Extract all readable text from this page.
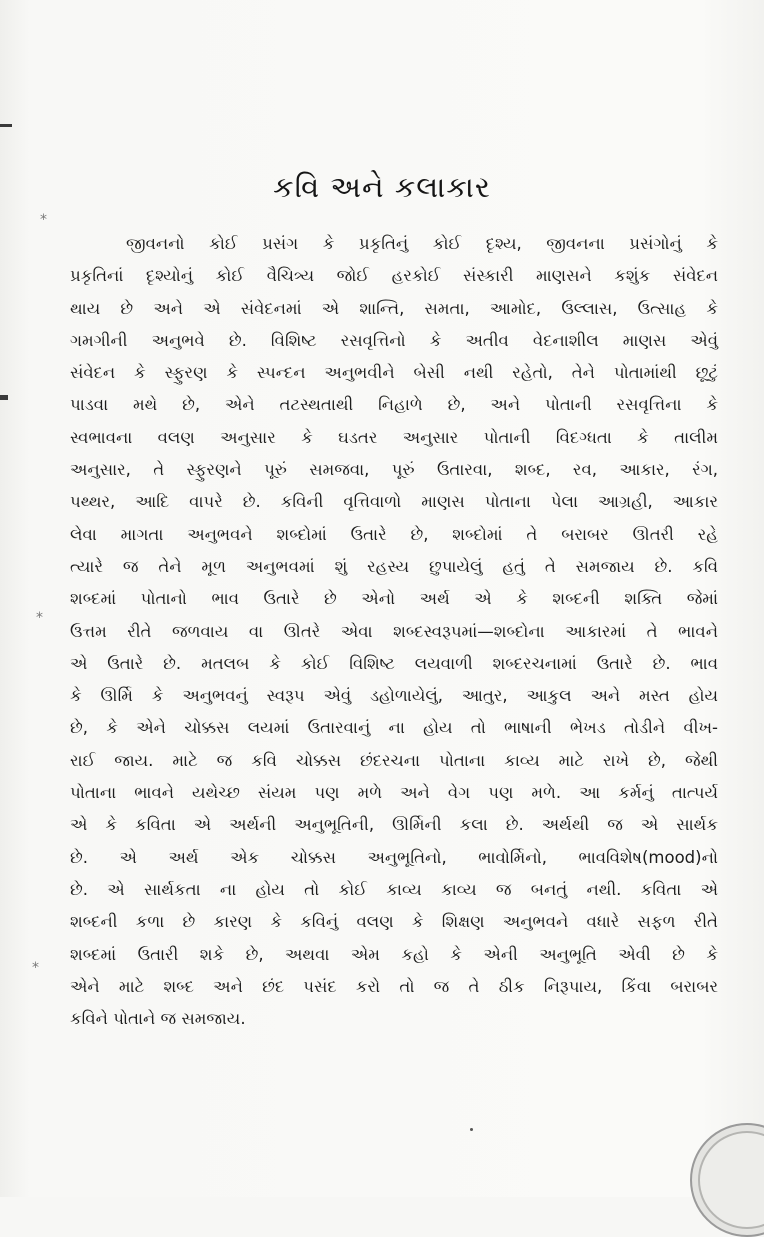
*
*
*
કવિ અને કલાકાર
જીવનનો કોઈ પ્રસંગ કે પ્રકૃતિનું કોઈ દૃશ્ય, જીવનના પ્રસંગોનું કે
પ્રકૃતિનાં દૃશ્યોનું કોઈ વૈચિત્ર્ય જોઈ હરકોઈ સંસ્કારી માણસને કશુંક સંવેદન
થાય છે અને એ સંવેદનમાં એ શાન્તિ, સમતા, આમોદ, ઉલ્લાસ, ઉત્સાહ કે
ગમગીની અનુભવે છે. વિશિષ્ટ રસવૃત્તિનો કે અતીવ વેદનાશીલ માણસ એવું
સંવેદન કે સ્ફુરણ કે સ્પન્દન અનુભવીને બેસી નથી રહેતો, તેને પોતામાંથી છૂટું
પાડવા મથે છે, એને તટસ્થતાથી નિહાળે છે, અને પોતાની રસવૃત્તિના કે
સ્વભાવના વલણ અનુસાર કે ઘડતર અનુસાર પોતાની વિદગ્ધતા કે તાલીમ
અનુસાર, તે સ્ફુરણને પૂરું સમજવા, પૂરું ઉતારવા, શબ્દ, રવ, આકાર, રંગ,
પથ્થર, આદિ વાપરે છે. કવિની વૃત્તિવાળો માણસ પોતાના પેલા આગ્રહી, આકાર
લેવા માગતા અનુભવને શબ્દોમાં ઉતારે છે, શબ્દોમાં તે બરાબર ઊતરી રહે
ત્યારે જ તેને મૂળ અનુભવમાં શું રહસ્ય છુપાયેલું હતું તે સમજાય છે. કવિ
શબ્દમાં પોતાનો ભાવ ઉતારે છે એનો અર્થ એ કે શબ્દની શક્તિ જેમાં
ઉત્તમ રીતે જળવાય વા ઊતરે એવા શબ્દસ્વરૂપમાં—શબ્દોના આકારમાં તે ભાવને
એ ઉતારે છે. મતલબ કે કોઈ વિશિષ્ટ લયવાળી શબ્દરચનામાં ઉતારે છે. ભાવ
કે ઊર્મિ કે અનુભવનું સ્વરૂપ એવું ડહોળાયેલું, આતુર, આકુલ અને મસ્ત હોય
છે, કે એને ચોક્કસ લયમાં ઉતારવાનું ના હોય તો ભાષાની ભેખડ તોડીને વીખ-
રાઈ જાય. માટે જ કવિ ચોક્કસ છંદરચના પોતાના કાવ્ય માટે રાખે છે, જેથી
પોતાના ભાવને યથેચ્છ સંયમ પણ મળે અને વેગ પણ મળે. આ કર્મનું તાત્પર્ય
એ કે કવિતા એ અર્થની અનુભૂતિની, ઊર્મિની કલા છે. અર્થથી જ એ સાર્થક
છે. એ અર્થ એક ચોક્કસ અનુભૂતિનો, ભાવોર્મિનો, ભાવવિશેષ(mood)નો
છે. એ સાર્થકતા ના હોય તો કોઈ કાવ્ય કાવ્ય જ બનતું નથી. કવિતા એ
શબ્દની કળા છે કારણ કે કવિનું વલણ કે શિક્ષણ અનુભવને વધારે સફળ રીતે
શબ્દમાં ઉતારી શકે છે, અથવા એમ કહો કે એની અનુભૂતિ એવી છે કે
એને માટે શબ્દ અને છંદ પસંદ કરો તો જ તે ઠીક નિરૂપાય, કિંવા બરાબર
કવિને પોતાને જ સમજાય.
